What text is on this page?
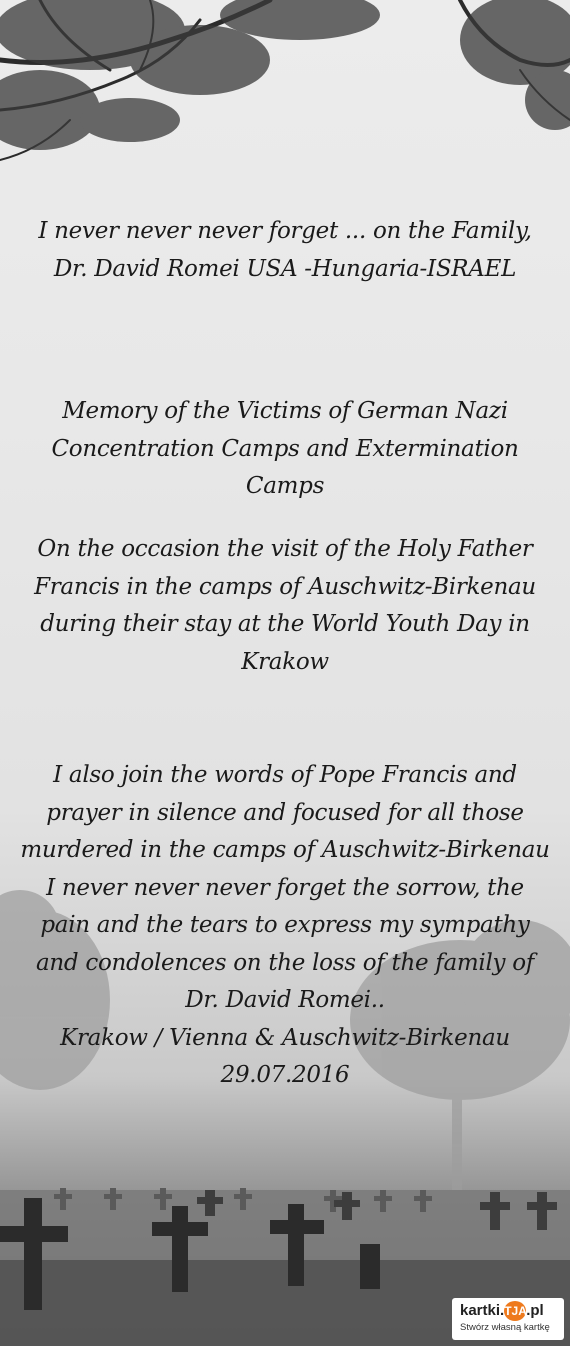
I never never never forget ... on the Family, Dr. David Romei USA -Hungaria-ISRAEL
Memory of the Victims of German Nazi Concentration Camps and Extermination Camps
On the occasion the visit of the Holy Father Francis in the camps of Auschwitz-Birkenau during their stay at the World Youth Day in Krakow
I also join the words of Pope Francis and prayer in silence and focused for all those murdered in the camps of Auschwitz-Birkenau
I never never never forget the sorrow, the pain and the tears to express my sympathy and condolences on the loss of the family of Dr. David Romei..
Krakow / Vienna & Auschwitz-Birkenau
29.07.2016
kartki.TJA.pl
Stwórz własną kartkę
